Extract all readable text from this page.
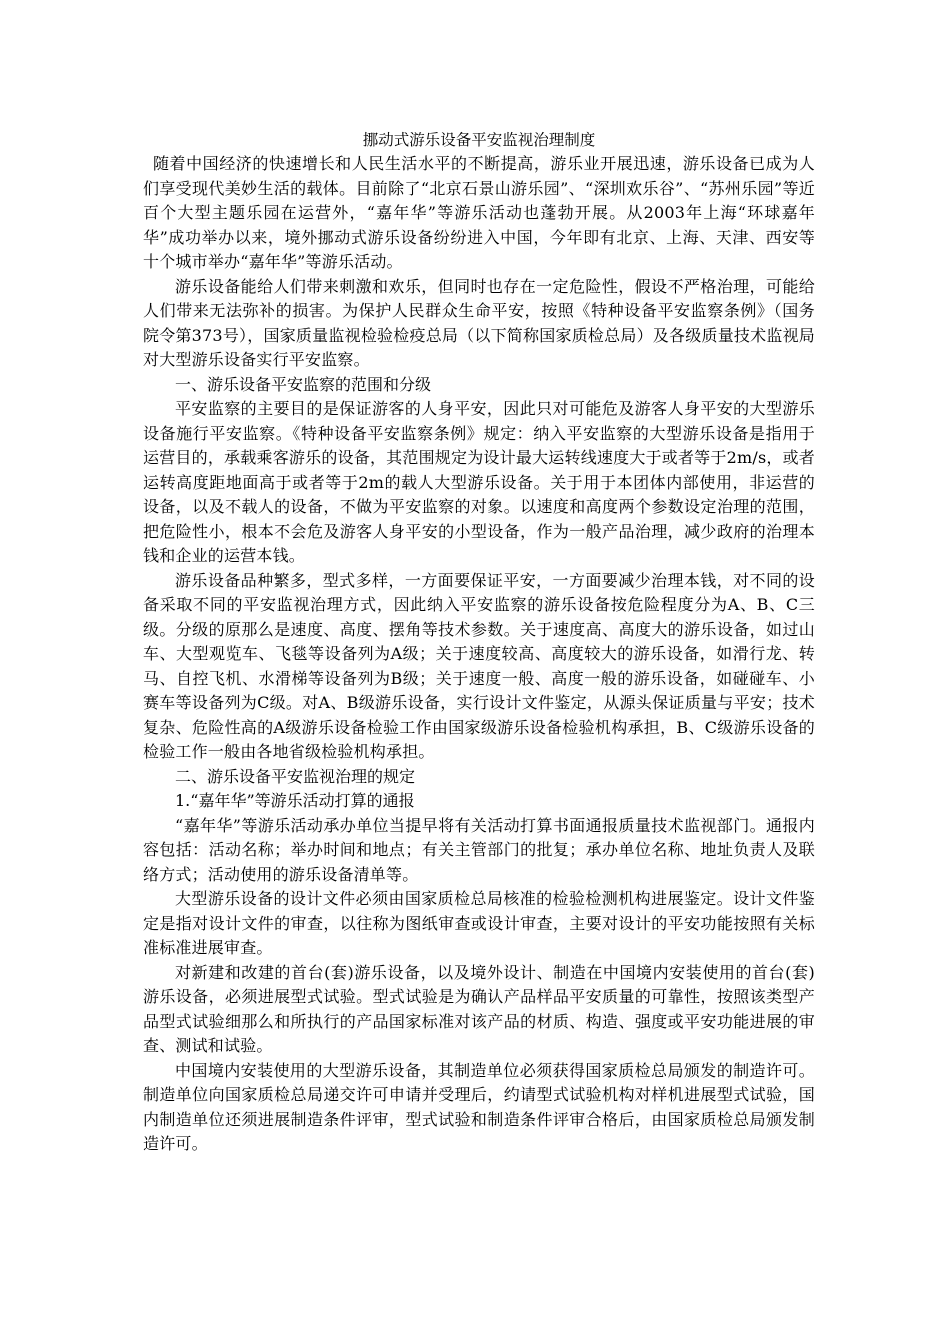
挪动式游乐设备平安监视治理制度

随着中国经济的快速增长和人民生活水平的不断提高，游乐业开展迅速，游乐设备已成为人们享受现代美妙生活的载体。目前除了“北京石景山游乐园”、“深圳欢乐谷”、“苏州乐园”等近百个大型主题乐园在运营外，“嘉年华”等游乐活动也蓬勃开展。从2003年上海“环球嘉年华”成功举办以来，境外挪动式游乐设备纷纷进入中国，今年即有北京、上海、天津、西安等十个城市举办“嘉年华”等游乐活动。

游乐设备能给人们带来刺激和欢乐，但同时也存在一定危险性，假设不严格治理，可能给人们带来无法弥补的损害。为保护人民群众生命平安，按照《特种设备平安监察条例》（国务院令第373号），国家质量监视检验检疫总局（以下简称国家质检总局）及各级质量技术监视局对大型游乐设备实行平安监察。

一、游乐设备平安监察的范围和分级

平安监察的主要目的是保证游客的人身平安，因此只对可能危及游客人身平安的大型游乐设备施行平安监察。《特种设备平安监察条例》规定：纳入平安监察的大型游乐设备是指用于运营目的，承载乘客游乐的设备，其范围规定为设计最大运转线速度大于或者等于2m/s，或者运转高度距地面高于或者等于2m的载人大型游乐设备。关于用于本团体内部使用，非运营的设备，以及不载人的设备，不做为平安监察的对象。以速度和高度两个参数设定治理的范围，把危险性小，根本不会危及游客人身平安的小型设备，作为一般产品治理，减少政府的治理本钱和企业的运营本钱。

游乐设备品种繁多，型式多样，一方面要保证平安，一方面要减少治理本钱，对不同的设备采取不同的平安监视治理方式，因此纳入平安监察的游乐设备按危险程度分为A、B、C三级。分级的原那么是速度、高度、摆角等技术参数。关于速度高、高度大的游乐设备，如过山车、大型观览车、飞毯等设备列为A级；关于速度较高、高度较大的游乐设备，如滑行龙、转马、自控飞机、水滑梯等设备列为B级；关于速度一般、高度一般的游乐设备，如碰碰车、小赛车等设备列为C级。对A、B级游乐设备，实行设计文件鉴定，从源头保证质量与平安；技术复杂、危险性高的A级游乐设备检验工作由国家级游乐设备检验机构承担，B、C级游乐设备的检验工作一般由各地省级检验机构承担。

二、游乐设备平安监视治理的规定

1.“嘉年华”等游乐活动打算的通报

“嘉年华”等游乐活动承办单位当提早将有关活动打算书面通报质量技术监视部门。通报内容包括：活动名称；举办时间和地点；有关主管部门的批复；承办单位名称、地址负责人及联络方式；活动使用的游乐设备清单等。

大型游乐设备的设计文件必须由国家质检总局核准的检验检测机构进展鉴定。设计文件鉴定是指对设计文件的审查，以往称为图纸审查或设计审查，主要对设计的平安功能按照有关标准标准进展审查。

对新建和改建的首台(套)游乐设备，以及境外设计、制造在中国境内安装使用的首台(套)游乐设备，必须进展型式试验。型式试验是为确认产品样品平安质量的可靠性，按照该类型产品型式试验细那么和所执行的产品国家标准对该产品的材质、构造、强度或平安功能进展的审查、测试和试验。

中国境内安装使用的大型游乐设备，其制造单位必须获得国家质检总局颁发的制造许可。制造单位向国家质检总局递交许可申请并受理后，约请型式试验机构对样机进展型式试验，国内制造单位还须进展制造条件评审，型式试验和制造条件评审合格后，由国家质检总局颁发制造许可。
